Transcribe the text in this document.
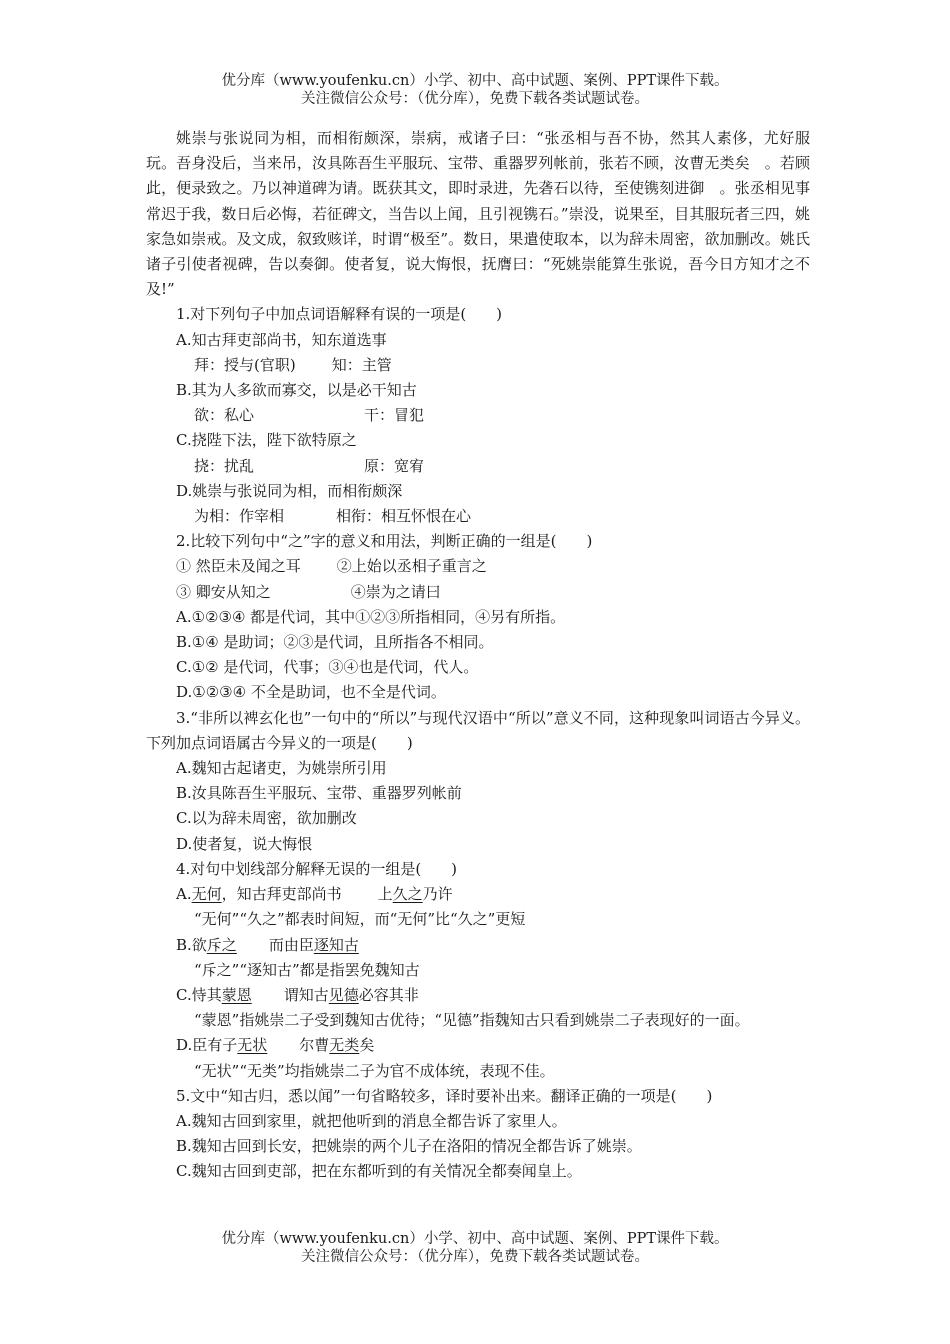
优分库（www.youfenku.cn）小学、初中、高中试题、案例、PPT课件下载。
关注微信公众号：（优分库），免费下载各类试题试卷。

姚崇与张说同为相，而相衔颇深，崇病，戒诸子曰：“张丞相与吾不协，然其人素侈，尤好服玩。吾身没后，当来吊，汝具陈吾生平服玩、宝带、重器罗列帐前，张若不顾，汝曹无类矣　。若顾此，便录致之。乃以神道碑为请。既获其文，即时录进，先砻石以待，至使镌刻进御　。张丞相见事常迟于我，数日后必悔，若征碑文，当告以上闻，且引视镌石。”崇没，说果至，目其服玩者三四，姚家急如崇戒。及文成，叙致赅详，时谓“极至”。数日，果遣使取本，以为辞未周密，欲加删改。姚氏诸子引使者视碑，告以奏御。使者复，说大悔恨，抚膺曰：“死姚崇能算生张说，吾今日方知才之不及!”

1.对下列句子中加点词语解释有误的一项是(　　)
A.知古拜吏部尚书，知东道选事
拜：授与(官职) 知：主管
B.其为人多欲而寡交，以是必干知古
欲：私心	干：冒犯
C.挠陛下法，陛下欲特原之
挠：扰乱	原：宽宥
D.姚崇与张说同为相，而相衔颇深
为相：作宰相	相衔：相互怀恨在心
2.比较下列句中“之”字的意义和用法，判断正确的一组是(　　)
① 然臣未及闻之耳 ②上始以丞相子重言之
③ 卿安从知之	④崇为之请曰
A.①②③④ 都是代词，其中①②③所指相同，④另有所指。
B.①④ 是助词；②③是代词，且所指各不相同。
C.①② 是代词，代事；③④也是代词，代人。
D.①②③④ 不全是助词，也不全是代词。
3.“非所以裨玄化也”一句中的“所以”与现代汉语中“所以”意义不同，这种现象叫词语古今异义。下列加点词语属古今异义的一项是(　　)
A.魏知古起诸吏，为姚崇所引用
B.汝具陈吾生平服玩、宝带、重器罗列帐前
C.以为辞未周密，欲加删改
D.使者复，说大悔恨
4.对句中划线部分解释无误的一组是(　　)
A.无何，知古拜吏部尚书 上久之乃许
“无何”“久之”都表时间短，而“无何”比“久之”更短
B.欲斥之 而由臣逐知古
“斥之”“逐知古”都是指罢免魏知古
C.恃其蒙恩 谓知古见德必容其非
“蒙恩”指姚崇二子受到魏知古优待；“见德”指魏知古只看到姚崇二子表现好的一面。
D.臣有子无状 尔曹无类矣
“无状”“无类”均指姚崇二子为官不成体统，表现不佳。
5.文中“知古归，悉以闻”一句省略较多，译时要补出来。翻译正确的一项是(　　)
A.魏知古回到家里，就把他听到的消息全都告诉了家里人。
B.魏知古回到长安，把姚崇的两个儿子在洛阳的情况全都告诉了姚崇。
C.魏知古回到吏部，把在东都听到的有关情况全都奏闻皇上。
优分库（www.youfenku.cn）小学、初中、高中试题、案例、PPT课件下载。
关注微信公众号：（优分库），免费下载各类试题试卷。
